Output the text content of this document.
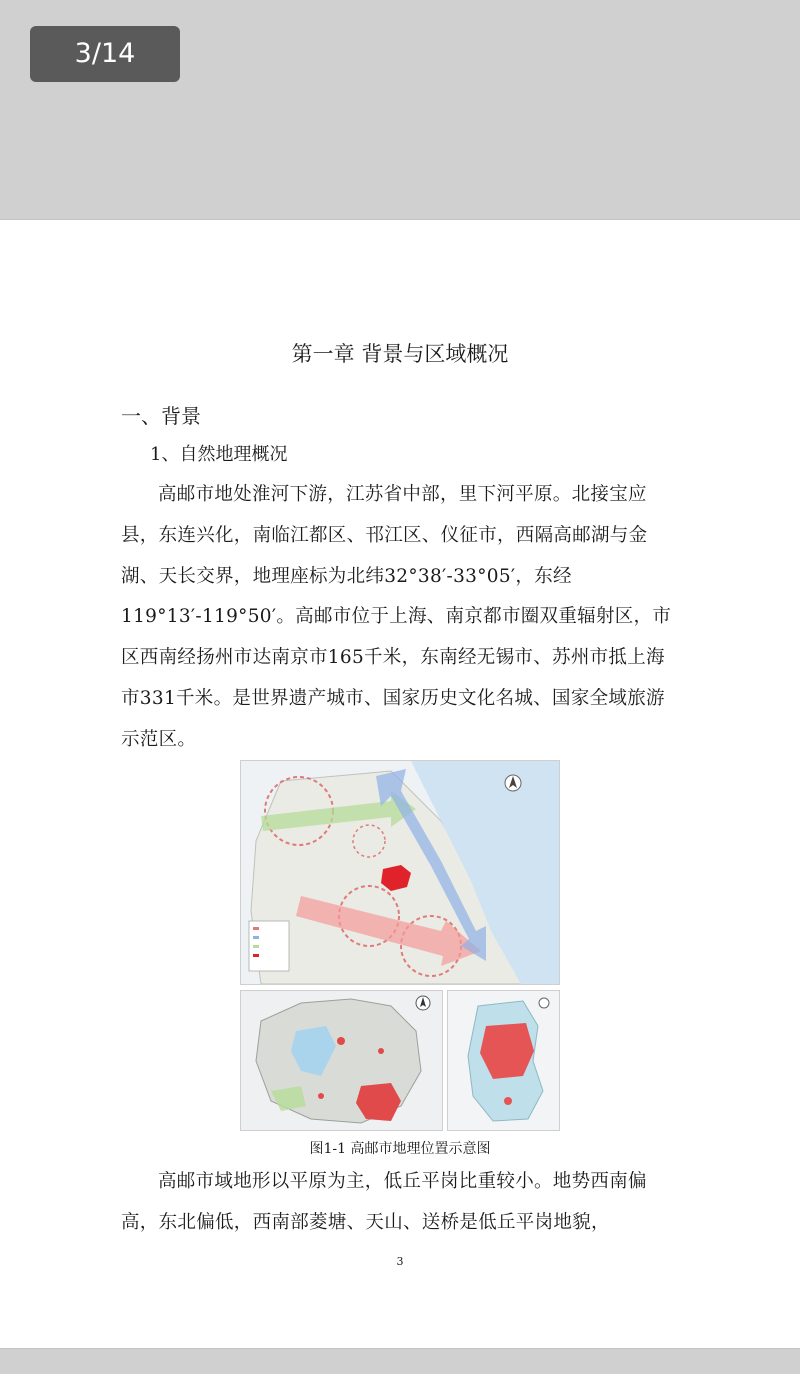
3/14
第一章 背景与区域概况
一、背景
1、自然地理概况

高邮市地处淮河下游，江苏省中部，里下河平原。北接宝应县，东连兴化，南临江都区、邗江区、仪征市，西隔高邮湖与金湖、天长交界，地理座标为北纬32°38′-33°05′，东经119°13′-119°50′。高邮市位于上海、南京都市圈双重辐射区，市区西南经扬州市达南京市165千米，东南经无锡市、苏州市抵上海市331千米。是世界遗产城市、国家历史文化名城、国家全域旅游示范区。

图1-1 高邮市地理位置示意图

高邮市域地形以平原为主，低丘平岗比重较小。地势西南偏高，东北偏低，西南部菱塘、天山、送桥是低丘平岗地貌，

3
